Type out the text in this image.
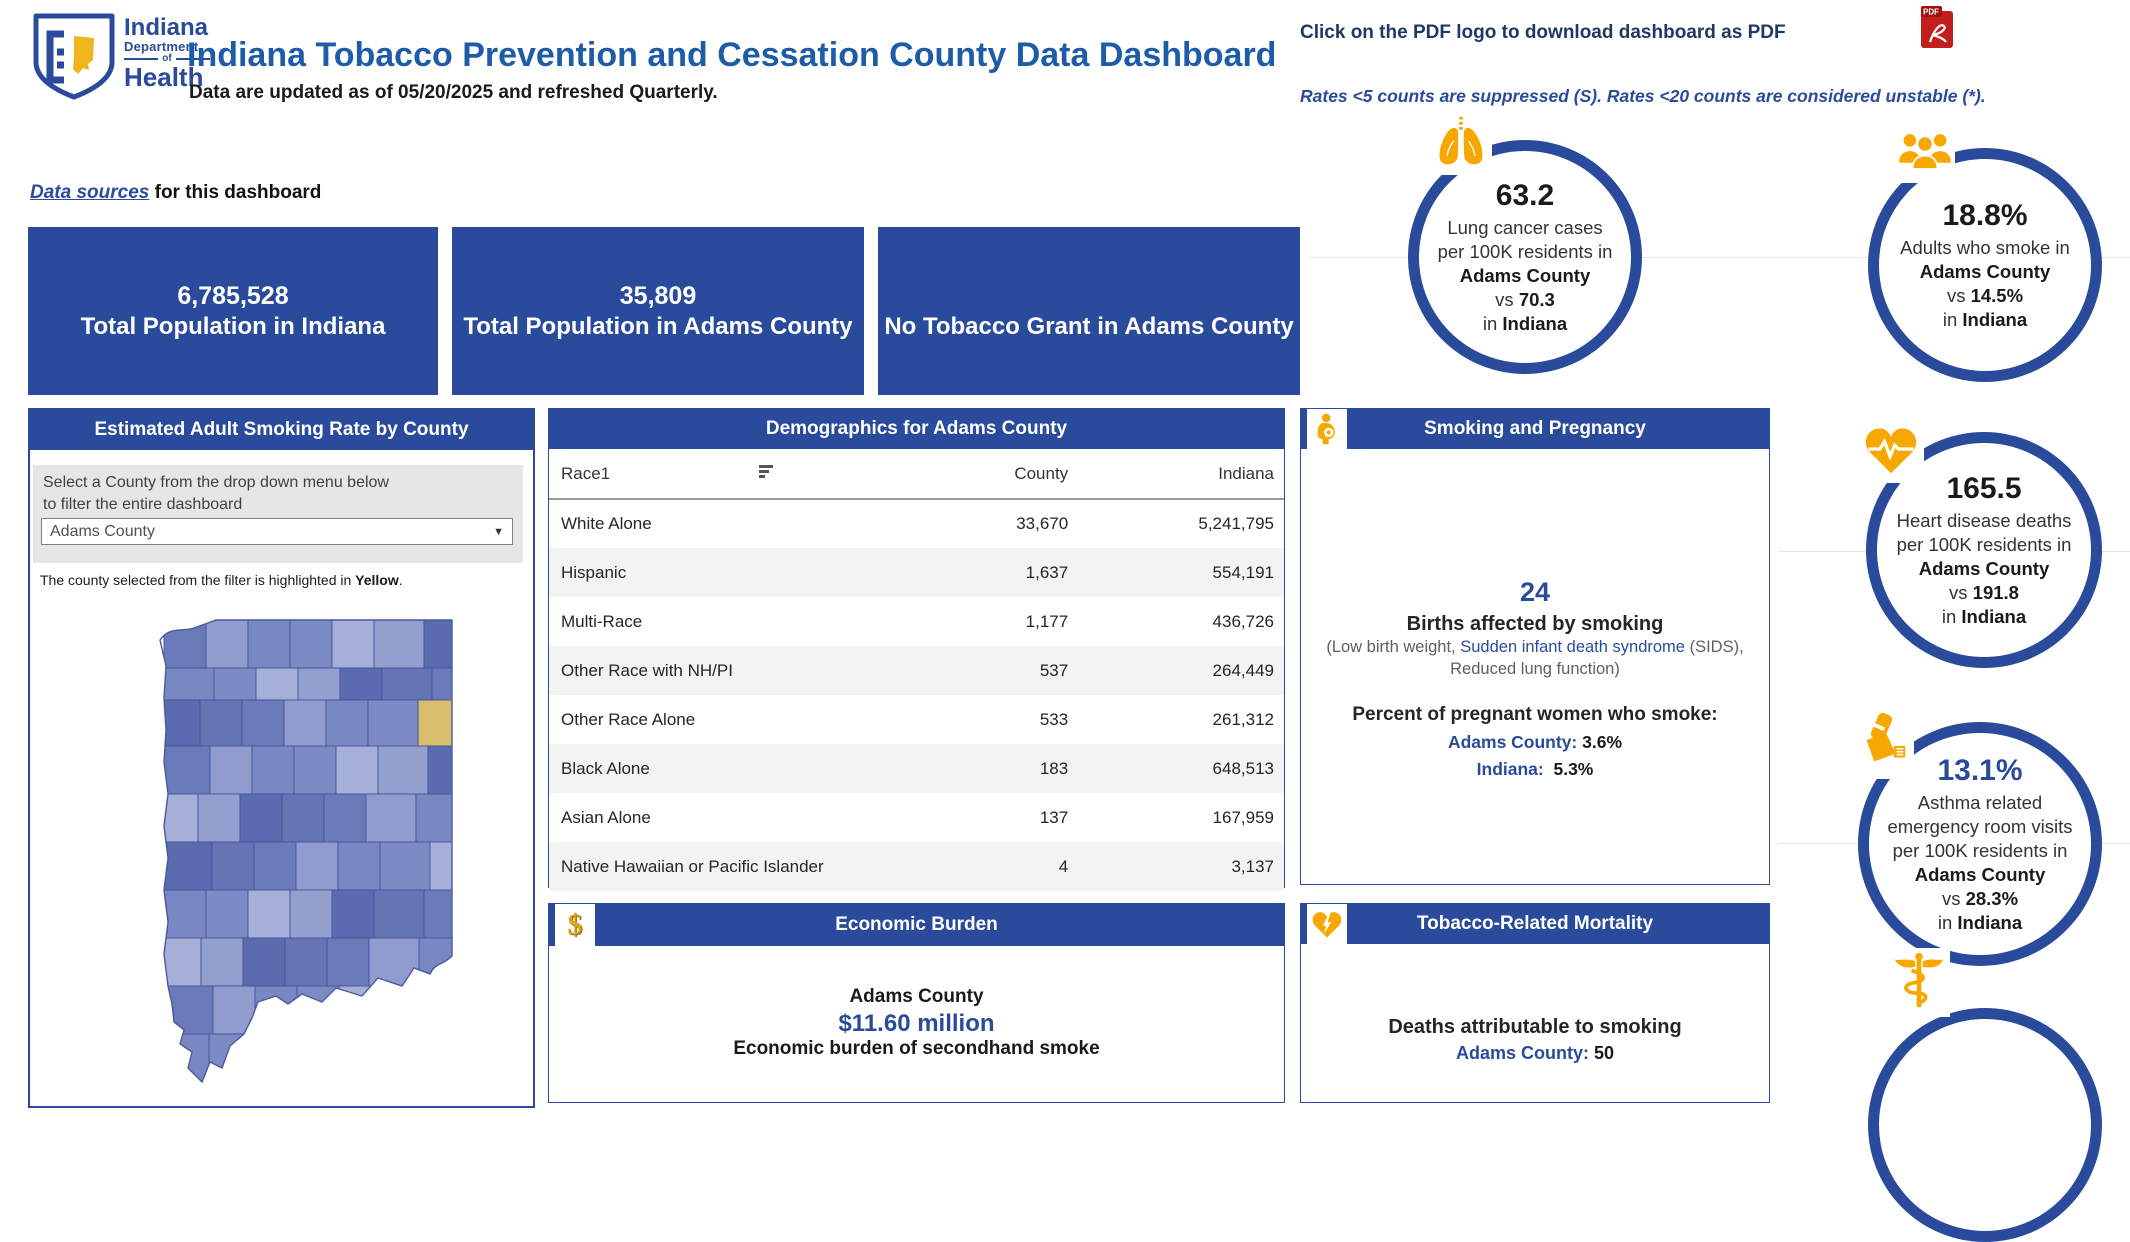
Indiana
Department
of
Health
Indiana Tobacco Prevention and Cessation County Data Dashboard
Data are updated as of 05/20/2025 and refreshed Quarterly.
Click on the PDF logo to download dashboard as PDF
Rates <5 counts are suppressed (S). Rates <20 counts are considered unstable (*).
PDF
Data sources for this dashboard
6,785,528
Total Population in Indiana
35,809
Total Population in Adams County No Tobacco Grant in Adams County
63.2
Lung cancer cases
per 100K residents in
Adams County
vs 70.3
in Indiana
18.8%
Adults who smoke in
Adams County
vs 14.5%
in Indiana
165.5
Heart disease deaths
per 100K residents in
Adams County
vs 191.8
in Indiana
13.1%
Asthma related
emergency room visits
per 100K residents in
Adams County
vs 28.3%
in Indiana
Estimated Adult Smoking Rate by County
Select a County from the drop down menu below
to filter the entire dashboard
Adams County	▼
The county selected from the filter is highlighted in Yellow.
Demographics for Adams County
Race1	County	Indiana
White Alone	33,670	5,241,795
Hispanic	1,637	554,191
Multi-Race	1,177	436,726
Other Race with NH/PI	537	264,449
Other Race Alone	533	261,312
Black Alone	183	648,513
Asian Alone	137	167,959
Native Hawaiian or Pacific Islander	4	3,137
Smoking and Pregnancy
24
Births affected by smoking
(Low birth weight, Sudden infant death syndrome (SIDS),
Reduced lung function)
Percent of pregnant women who smoke:
Adams County: 3.6%
Indiana: 5.3%
$	Economic Burden
Adams County
$11.60 million
Economic burden of secondhand smoke
Tobacco-Related Mortality
Deaths attributable to smoking
Adams County: 50
